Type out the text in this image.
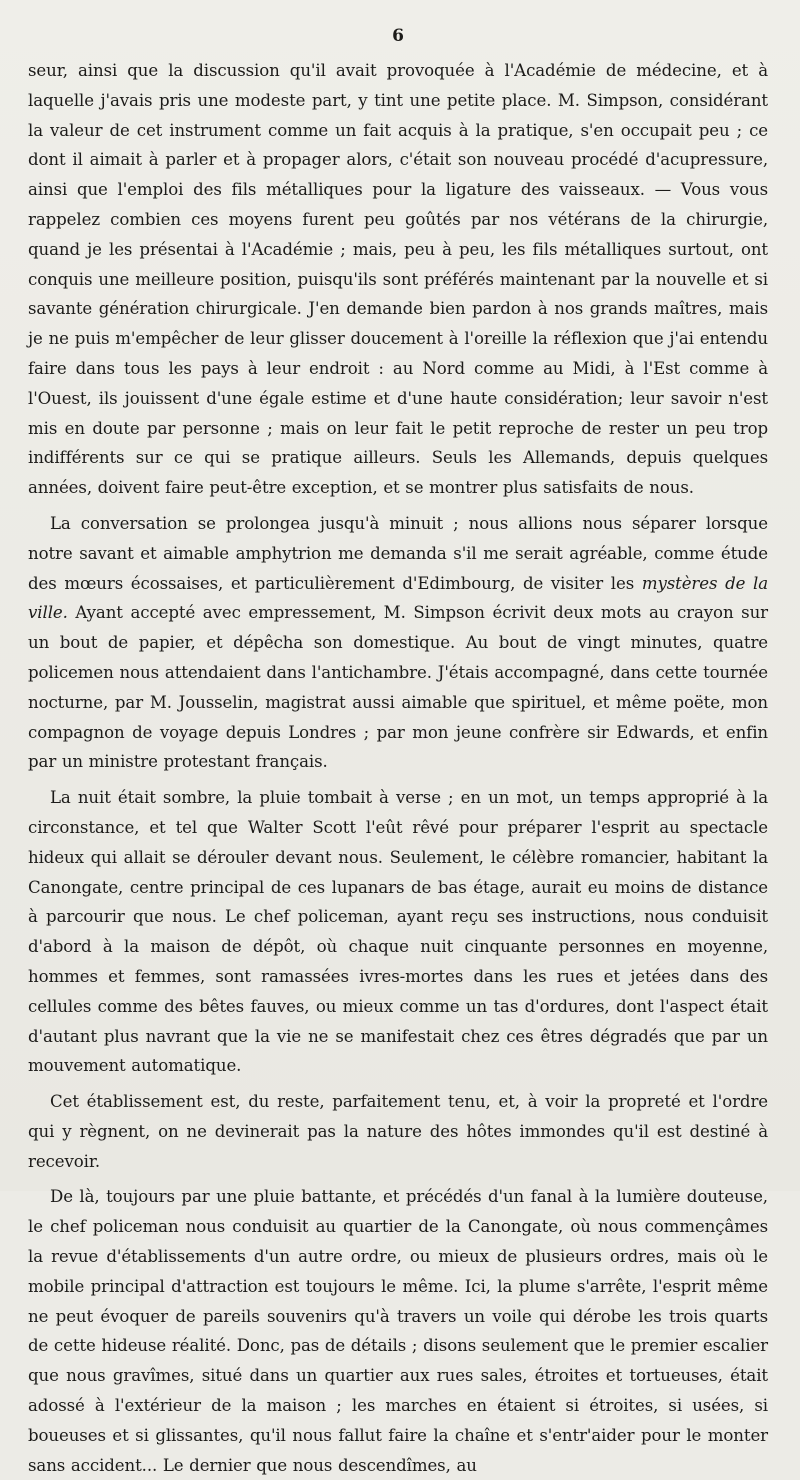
6

seur, ainsi que la discussion qu'il avait provoquée à l'Académie de médecine, et à laquelle j'avais pris une modeste part, y tint une petite place. M. Simpson, considérant la valeur de cet instrument comme un fait acquis à la pratique, s'en occupait peu ; ce dont il aimait à parler et à propager alors, c'était son nouveau procédé d'acupressure, ainsi que l'emploi des fils métalliques pour la ligature des vaisseaux. — Vous vous rappelez combien ces moyens furent peu goûtés par nos vétérans de la chirurgie, quand je les présentai à l'Académie ; mais, peu à peu, les fils métalliques surtout, ont conquis une meilleure position, puisqu'ils sont préférés maintenant par la nouvelle et si savante génération chirurgicale. J'en demande bien pardon à nos grands maîtres, mais je ne puis m'empêcher de leur glisser doucement à l'oreille la réflexion que j'ai entendu faire dans tous les pays à leur endroit : au Nord comme au Midi, à l'Est comme à l'Ouest, ils jouissent d'une égale estime et d'une haute considération; leur savoir n'est mis en doute par personne ; mais on leur fait le petit reproche de rester un peu trop indifférents sur ce qui se pratique ailleurs. Seuls les Allemands, depuis quelques années, doivent faire peut-être exception, et se montrer plus satisfaits de nous.

La conversation se prolongea jusqu'à minuit ; nous allions nous séparer lorsque notre savant et aimable amphytrion me demanda s'il me serait agréable, comme étude des mœurs écossaises, et particulièrement d'Edimbourg, de visiter les mystères de la ville. Ayant accepté avec empressement, M. Simpson écrivit deux mots au crayon sur un bout de papier, et dépêcha son domestique. Au bout de vingt minutes, quatre policemen nous attendaient dans l'antichambre. J'étais accompagné, dans cette tournée nocturne, par M. Jousselin, magistrat aussi aimable que spirituel, et même poëte, mon compagnon de voyage depuis Londres ; par mon jeune confrère sir Edwards, et enfin par un ministre protestant français.

La nuit était sombre, la pluie tombait à verse ; en un mot, un temps approprié à la circonstance, et tel que Walter Scott l'eût rêvé pour préparer l'esprit au spectacle hideux qui allait se dérouler devant nous. Seulement, le célèbre romancier, habitant la Canongate, centre principal de ces lupanars de bas étage, aurait eu moins de distance à parcourir que nous. Le chef policeman, ayant reçu ses instructions, nous conduisit d'abord à la maison de dépôt, où chaque nuit cinquante personnes en moyenne, hommes et femmes, sont ramassées ivres-mortes dans les rues et jetées dans des cellules comme des bêtes fauves, ou mieux comme un tas d'ordures, dont l'aspect était d'autant plus navrant que la vie ne se manifestait chez ces êtres dégradés que par un mouvement automatique.

Cet établissement est, du reste, parfaitement tenu, et, à voir la propreté et l'ordre qui y règnent, on ne devinerait pas la nature des hôtes immondes qu'il est destiné à recevoir.

De là, toujours par une pluie battante, et précédés d'un fanal à la lumière douteuse, le chef policeman nous conduisit au quartier de la Canongate, où nous commençâmes la revue d'établissements d'un autre ordre, ou mieux de plusieurs ordres, mais où le mobile principal d'attraction est toujours le même. Ici, la plume s'arrête, l'esprit même ne peut évoquer de pareils souvenirs qu'à travers un voile qui dérobe les trois quarts de cette hideuse réalité. Donc, pas de détails ; disons seulement que le premier escalier que nous gravîmes, situé dans un quartier aux rues sales, étroites et tortueuses, était adossé à l'extérieur de la maison ; les marches en étaient si étroites, si usées, si boueuses et si glissantes, qu'il nous fallut faire la chaîne et s'entr'aider pour le monter sans accident... Le dernier que nous descendîmes, au
